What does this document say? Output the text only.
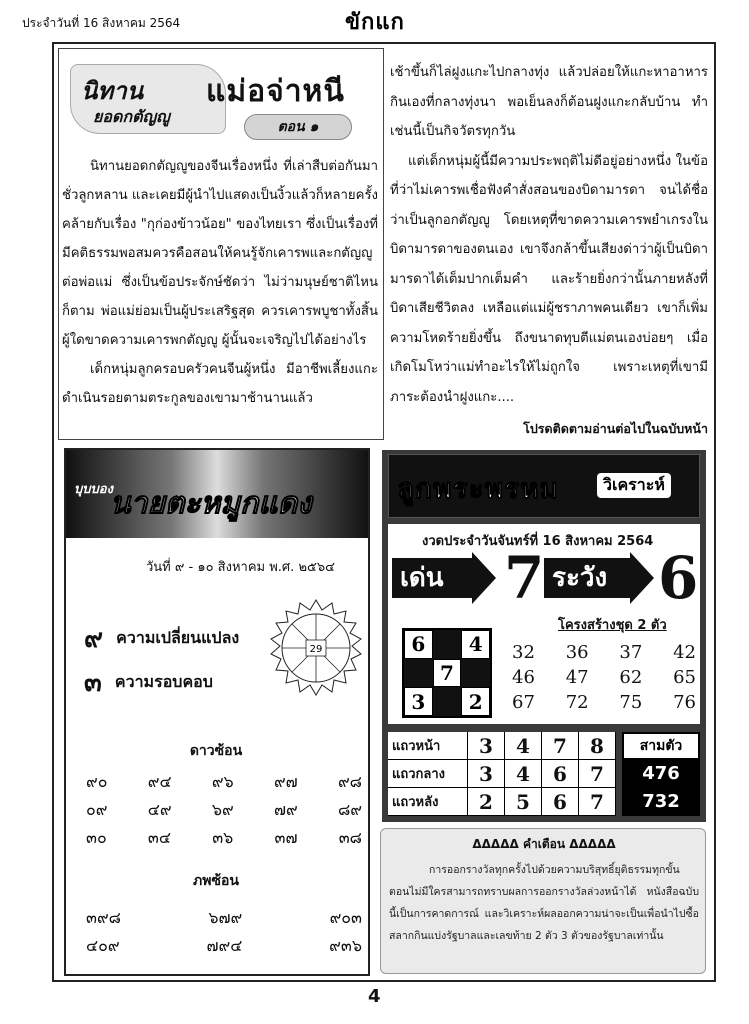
ประจำวันที่ 16 สิงหาคม 2564	ขักแก
นิทาน
ยอดกตัญญู
แม่อจ่าหนี
ตอน ๑

นิทานยอดกตัญญูของจีนเรื่องหนึ่ง ที่เล่าสืบต่อกันมาชั่วลูกหลาน และเคยมีผู้นำไปแสดงเป็นงิ้วแล้วก็หลายครั้ง คล้ายกับเรื่อง "กุก่องข้าวน้อย" ของไทยเรา ซึ่งเป็นเรื่องที่มีคติธรรมพอสมควรคือสอนให้คนรู้จักเคารพและกตัญญูต่อพ่อแม่ ซึ่งเป็นข้อประจักษ์ชัดว่า ไม่ว่ามนุษย์ชาติไหนก็ตาม พ่อแม่ย่อมเป็นผู้ประเสริฐสุด ควรเคารพบูชาทั้งสิ้น ผู้ใดขาดความเคารพกตัญญู ผู้นั้นจะเจริญไปได้อย่างไร

เด็กหนุ่มลูกครอบครัวคนจีนผู้หนึ่ง มีอาชีพเลี้ยงแกะ ดำเนินรอยตามตระกูลของเขามาช้านานแล้ว

เช้าขึ้นก็ไล่ฝูงแกะไปกลางทุ่ง แล้วปล่อยให้แกะหาอาหารกินเองที่กลางทุ่งนา พอเย็นลงก็ต้อนฝูงแกะกลับบ้าน ทำเช่นนี้เป็นกิจวัตรทุกวัน

แต่เด็กหนุ่มผู้นี้มีความประพฤติไม่ดีอยู่อย่างหนึ่ง ในข้อที่ว่าไม่เคารพเชื่อฟังคำสั่งสอนของบิดามารดา จนได้ชื่อว่าเป็นลูกอกตัญญู โดยเหตุที่ขาดความเคารพยำเกรงในบิดามารดาของตนเอง เขาจึงกล้าขึ้นเสียงด่าว่าผู้เป็นบิดามารดาได้เต็มปากเต็มคำ และร้ายยิ่งกว่านั้นภายหลังที่บิดาเสียชีวิตลง เหลือแต่แม่ผู้ชราภาพคนเดียว เขาก็เพิ่มความโหดร้ายยิ่งขึ้น ถึงขนาดทุบตีแม่ตนเองบ่อยๆ เมื่อเกิดโมโหว่าแม่ทำอะไรให้ไม่ถูกใจ เพราะเหตุที่เขามีภาระต้องนำฝูงแกะ....

โปรดติดตามอ่านต่อไปในฉบับหน้า
บุบบอง
นายตะหมูกแดง
วันที่ ๙ - ๑๐ สิงหาคม พ.ศ. ๒๕๖๔
๙ ความเปลี่ยนแปลง
๓ ความรอบคอบ
29
ดาวซ้อน
๙๐	๙๔	๙๖	๙๗	๙๘
๐๙	๔๙	๖๙	๗๙	๘๙
๓๐	๓๔	๓๖	๓๗	๓๘
ภพซ้อน
๓๙๘	๖๗๙	๙๐๓
๔๐๙	๗๙๔	๙๓๖
ลูกพระพรหม	วิเคราะห์
งวดประจำวันจันทร์ที่ 16 สิงหาคม 2564
เด่น	7 ระวัง 6
โครงสร้างชุด 2 ตัว
6	4
7
3	2
32 36 37 42
46 47 62 65
67 72 75 76
แถวหน้า	3	4	7	8
แถวกลาง	3	4	6	7
แถวหลัง	2	5	6	7
สามตัว
476
732
ᐃᐃᐃᐃᐃ คำเตือน ᐃᐃᐃᐃᐃ

การออกรางวัลทุกครั้งไปด้วยความบริสุทธิ์ยุติธรรมทุกขั้นตอนไม่มีใครสามารถทราบผลการออกรางวัลล่วงหน้าได้ หนังสือฉบับนี้เป็นการคาดการณ์ และวิเคราะห์ผลออกความน่าจะเป็นเพื่อนำไปซื้อสลากกินแบ่งรัฐบาลและเลขท้าย 2 ตัว 3 ตัวของรัฐบาลเท่านั้น

4
